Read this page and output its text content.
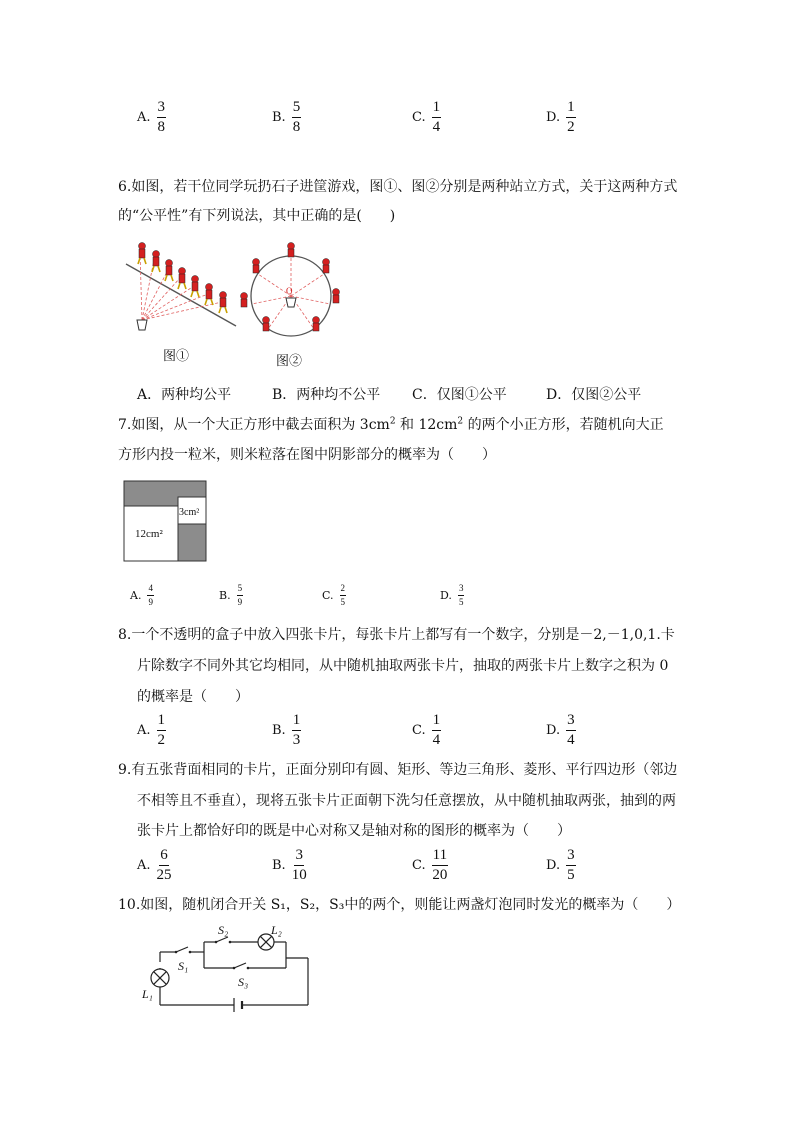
A. $\frac{3}{8}$	B. $\frac{5}{8}$	C. $\frac{1}{4}$	D. $\frac{1}{2}$
6.如图，若干位同学玩扔石子进筐游戏，图①、图②分别是两种站立方式，关于这两种方式
的“公平性”有下列说法，其中正确的是(　　)
O
图①	图②
A．两种均公平	B．两种均不公平 C．仅图①公平	D．仅图②公平
7.如图，从一个大正方形中截去面积为 $3cm^2$ 和 $12cm^2$ 的两个小正方形，若随机向大正
方形内投一粒米，则米粒落在图中阴影部分的概率为（　　）
3cm²
12cm²
A. $\frac{4}{9}$	B. $\frac{5}{9}$	C. $\frac{2}{5}$	D. $\frac{3}{5}$
8.一个不透明的盒子中放入四张卡片，每张卡片上都写有一个数字，分别是－2,－1,0,1.卡
片除数字不同外其它均相同，从中随机抽取两张卡片，抽取的两张卡片上数字之积为 0
的概率是（　　）
A. $\frac{1}{2}$	B. $\frac{1}{3}$	C. $\frac{1}{4}$	D. $\frac{3}{4}$
9.有五张背面相同的卡片，正面分别印有圆、矩形、等边三角形、菱形、平行四边形（邻边
不相等且不垂直），现将五张卡片正面朝下洗匀任意摆放，从中随机抽取两张，抽到的两
张卡片上都恰好印的既是中心对称又是轴对称的图形的概率为（　　）
A. $\frac{6}{25}$	B. $\frac{3}{10}$	C. $\frac{11}{20}$	D. $\frac{3}{5}$
10.如图，随机闭合开关 S₁，S₂，S₃中的两个，则能让两盏灯泡同时发光的概率为（　　）
S₂	L₂
S₁
L₁
S₃
